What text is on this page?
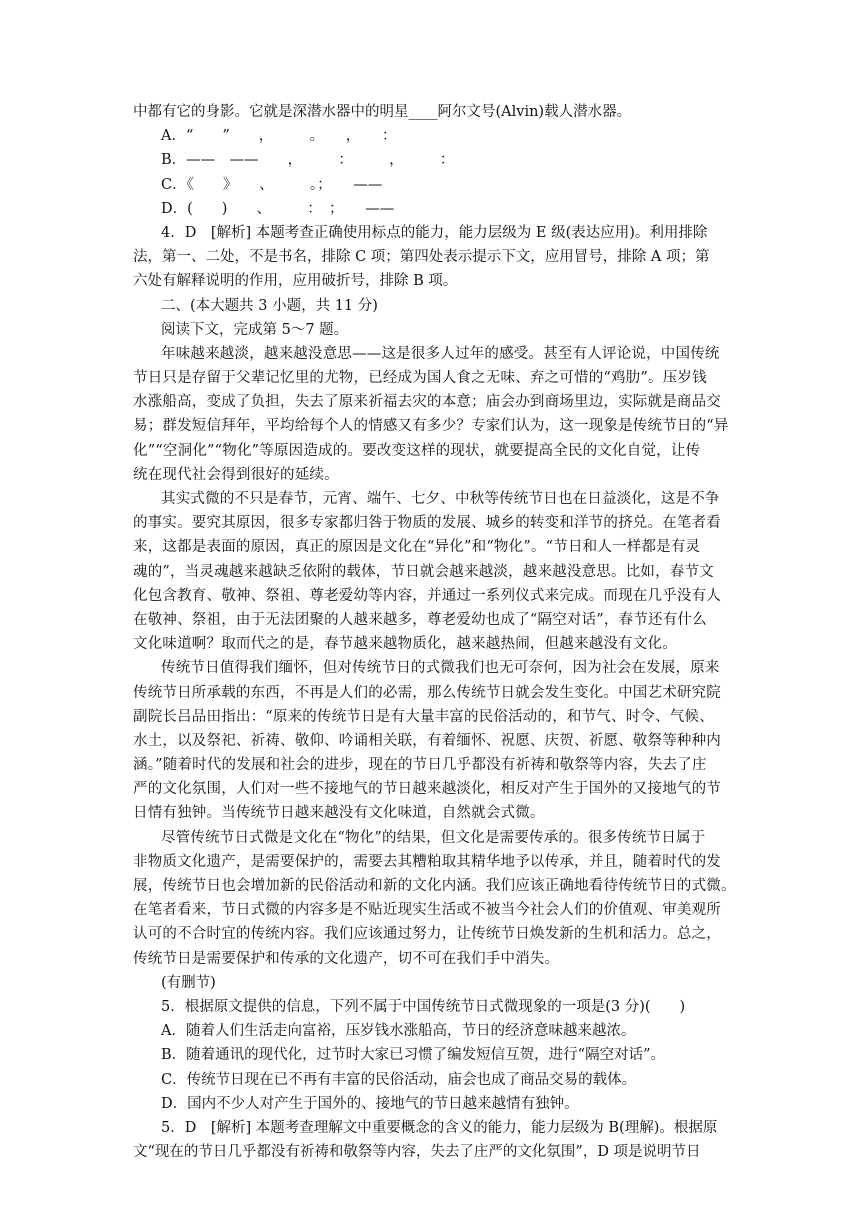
中都有它的身影。它就是深潜水器中的明星____阿尔文号(Alvin)载人潜水器。
A．“　　”　　，　　　。　　，　　：
B．——　——　　，　　　：　　　，　　　：
C．《　　》　　、　　　。；　　——
D．(　　)　　、　　　：　；　　——
4．D　[解析] 本题考查正确使用标点的能力，能力层级为 E 级(表达应用)。利用排除
法，第一、二处，不是书名，排除 C 项；第四处表示提示下文，应用冒号，排除 A 项；第
六处有解释说明的作用，应用破折号，排除 B 项。
二、(本大题共 3 小题，共 11 分)
阅读下文，完成第 5～7 题。
年味越来越淡，越来越没意思——这是很多人过年的感受。甚至有人评论说，中国传统
节日只是存留于父辈记忆里的尤物，已经成为国人食之无味、弃之可惜的“鸡肋”。压岁钱
水涨船高，变成了负担，失去了原来祈福去灾的本意；庙会办到商场里边，实际就是商品交
易；群发短信拜年，平均给每个人的情感又有多少？专家们认为，这一现象是传统节日的“异
化”“空洞化”“物化”等原因造成的。要改变这样的现状，就要提高全民的文化自觉，让传
统在现代社会得到很好的延续。
其实式微的不只是春节，元宵、端午、七夕、中秋等传统节日也在日益淡化，这是不争
的事实。要究其原因，很多专家都归咎于物质的发展、城乡的转变和洋节的挤兑。在笔者看
来，这都是表面的原因，真正的原因是文化在“异化”和“物化”。“节日和人一样都是有灵
魂的”，当灵魂越来越缺乏依附的载体，节日就会越来越淡，越来越没意思。比如，春节文
化包含教育、敬神、祭祖、尊老爱幼等内容，并通过一系列仪式来完成。而现在几乎没有人
在敬神、祭祖，由于无法团聚的人越来越多，尊老爱幼也成了“隔空对话”，春节还有什么
文化味道啊？取而代之的是，春节越来越物质化，越来越热闹，但越来越没有文化。
传统节日值得我们缅怀，但对传统节日的式微我们也无可奈何，因为社会在发展，原来
传统节日所承载的东西，不再是人们的必需，那么传统节日就会发生变化。中国艺术研究院
副院长吕品田指出：“原来的传统节日是有大量丰富的民俗活动的，和节气、时令、气候、
水土，以及祭祀、祈祷、敬仰、吟诵相关联，有着缅怀、祝愿、庆贺、祈愿、敬祭等种种内
涵。”随着时代的发展和社会的进步，现在的节日几乎都没有祈祷和敬祭等内容，失去了庄
严的文化氛围，人们对一些不接地气的节日越来越淡化，相反对产生于国外的又接地气的节
日情有独钟。当传统节日越来越没有文化味道，自然就会式微。
尽管传统节日式微是文化在“物化”的结果，但文化是需要传承的。很多传统节日属于
非物质文化遗产，是需要保护的，需要去其糟粕取其精华地予以传承，并且，随着时代的发
展，传统节日也会增加新的民俗活动和新的文化内涵。我们应该正确地看待传统节日的式微。
在笔者看来，节日式微的内容多是不贴近现实生活或不被当今社会人们的价值观、审美观所
认可的不合时宜的传统内容。我们应该通过努力，让传统节日焕发新的生机和活力。总之，
传统节日是需要保护和传承的文化遗产，切不可在我们手中消失。
(有删节)
5．根据原文提供的信息，下列不属于中国传统节日式微现象的一项是(3 分)(　　)
A．随着人们生活走向富裕，压岁钱水涨船高，节日的经济意味越来越浓。
B．随着通讯的现代化，过节时大家已习惯了编发短信互贺，进行“隔空对话”。
C．传统节日现在已不再有丰富的民俗活动，庙会也成了商品交易的载体。
D．国内不少人对产生于国外的、接地气的节日越来越情有独钟。
5．D　[解析] 本题考查理解文中重要概念的含义的能力，能力层级为 B(理解)。根据原
文“现在的节日几乎都没有祈祷和敬祭等内容，失去了庄严的文化氛围”，D 项是说明节日
